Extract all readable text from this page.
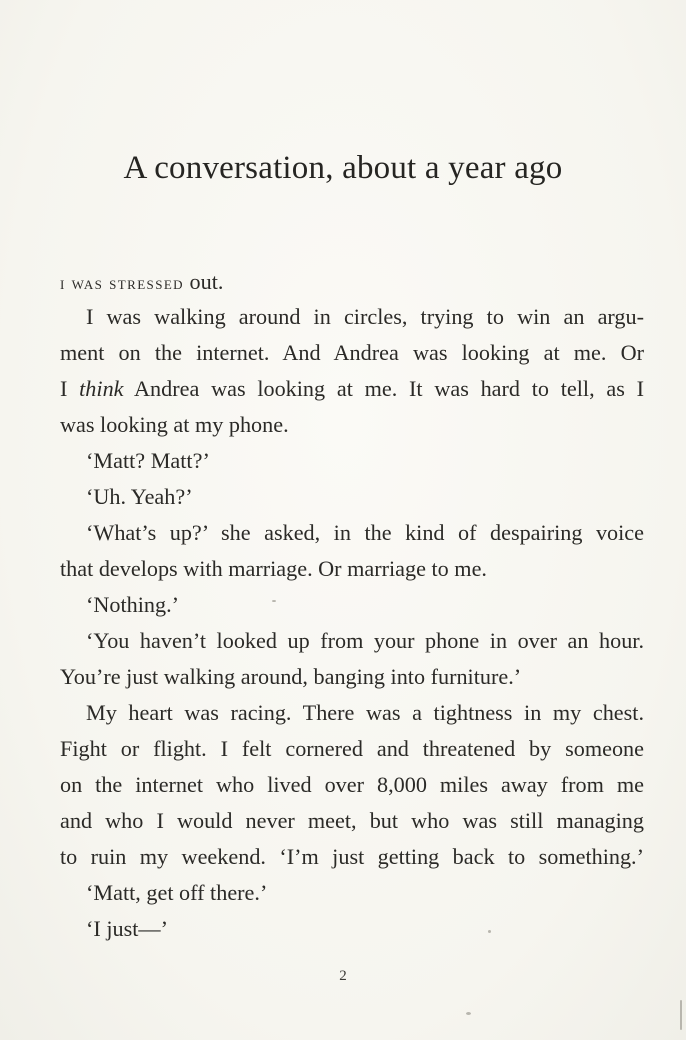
A conversation, about a year ago
i was stressed out.
I was walking around in circles, trying to win an argu-
ment on the internet. And Andrea was looking at me. Or
I think Andrea was looking at me. It was hard to tell, as I
was looking at my phone.
‘Matt? Matt?’
‘Uh. Yeah?’
‘What’s up?’ she asked, in the kind of despairing voice
that develops with marriage. Or marriage to me.
‘Nothing.’
‘You haven’t looked up from your phone in over an hour.
You’re just walking around, banging into furniture.’
My heart was racing. There was a tightness in my chest.
Fight or flight. I felt cornered and threatened by someone
on the internet who lived over 8,000 miles away from me
and who I would never meet, but who was still managing
to ruin my weekend. ‘I’m just getting back to something.’
‘Matt, get off there.’
‘I just—’
2
